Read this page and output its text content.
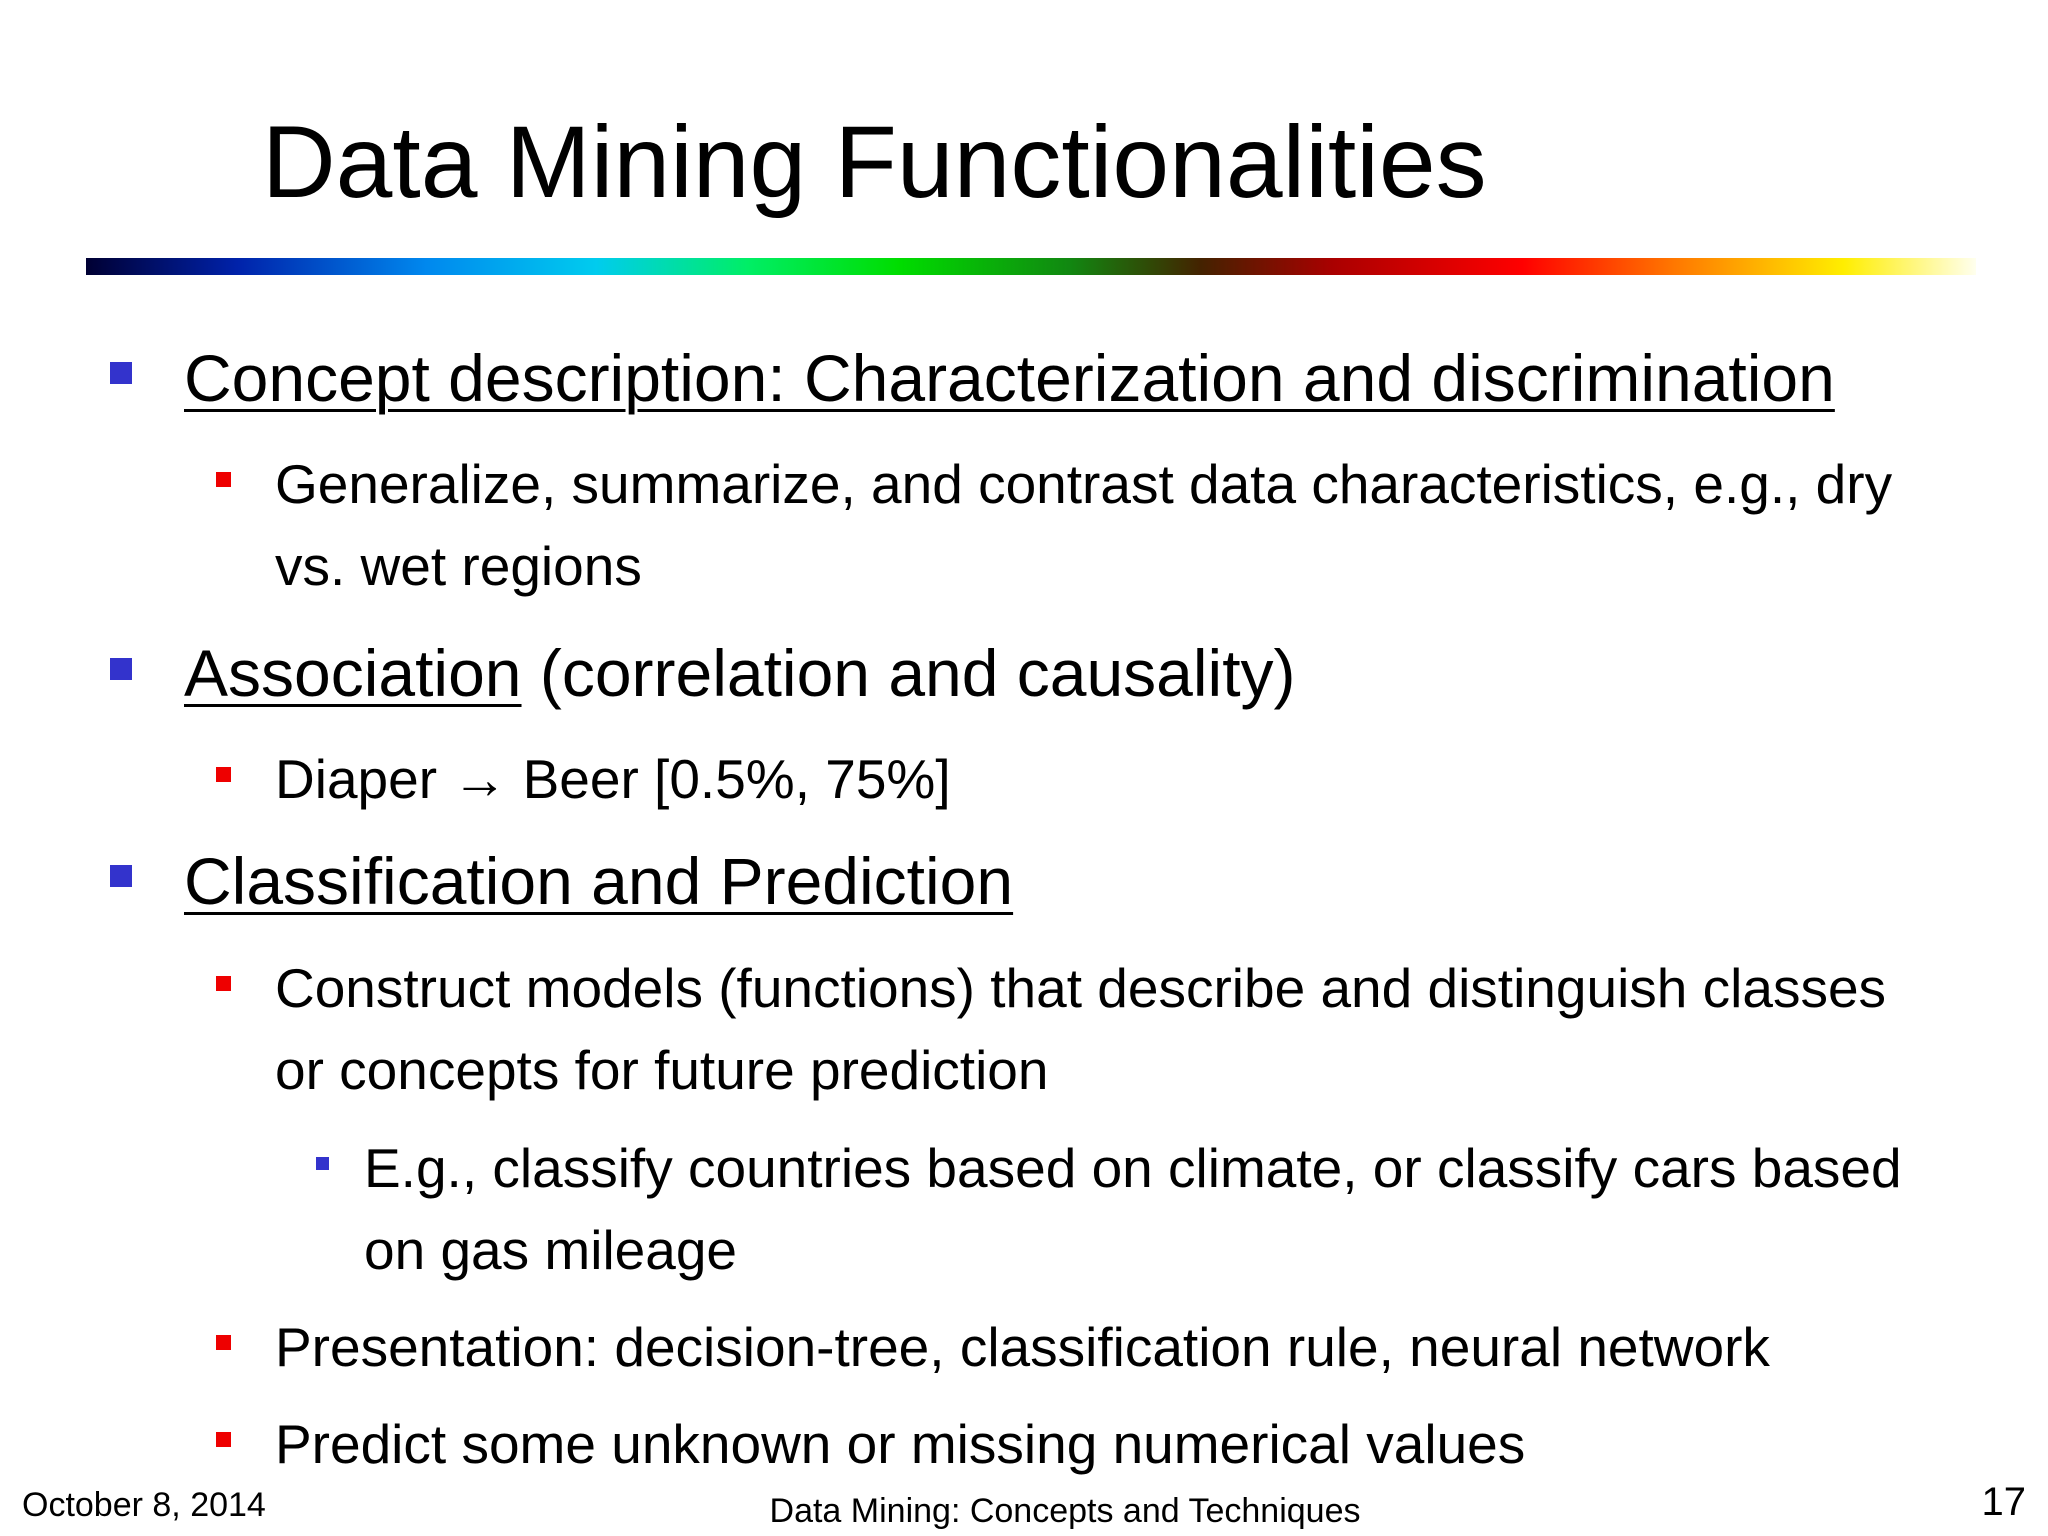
Data Mining Functionalities
Concept description: Characterization and discrimination
Generalize, summarize, and contrast data characteristics, e.g., dry
vs. wet regions
Association (correlation and causality)
Diaper → Beer [0.5%, 75%]
Classification and Prediction
Construct models (functions) that describe and distinguish classes
or concepts for future prediction
E.g., classify countries based on climate, or classify cars based
on gas mileage
Presentation: decision-tree, classification rule, neural network
Predict some unknown or missing numerical values
October 8, 2014	Data Mining: Concepts and Techniques	17
